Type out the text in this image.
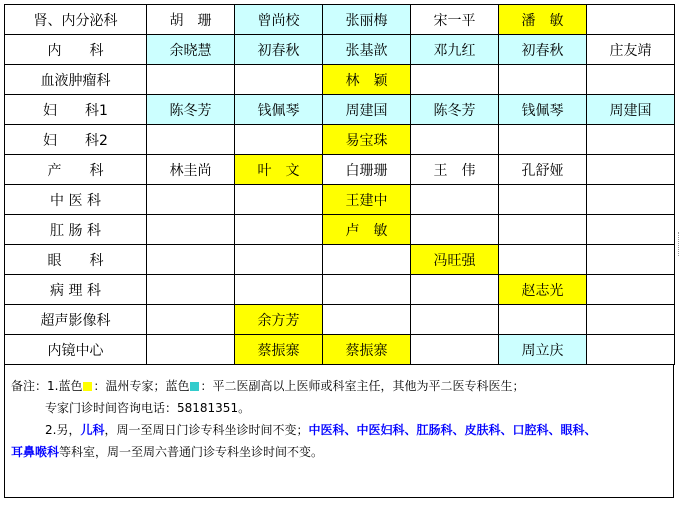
肾、内分泌科	胡　珊	曾尚校	张丽梅	宋一平	潘　敏	
内　　科	余晓慧	初春秋	张基歆	邓九红	初春秋	庄友靖
血液肿瘤科			林　颖			
妇　　科1	陈冬芳	钱佩琴	周建国	陈冬芳	钱佩琴	周建国
妇　　科2			易宝珠			
产　　科	林圭尚	叶　文	白珊珊	王　伟	孔舒娅	
中 医 科			王建中			
肛 肠 科			卢　敏			
眼　　科				冯旺强		
病 理 科					赵志光	
超声影像科		余方芳				
内镜中心		蔡振寨	蔡振寨		周立庆	
备注：1.蓝色 ：温州专家；蓝色 ：平二医副高以上医师或科室主任，其他为平二医专科医生；
专家门诊时间咨询电话：58181351。
2.另，儿科，周一至周日门诊专科坐诊时间不变；中医科、中医妇科、肛肠科、皮肤科、口腔科、眼科、
耳鼻喉科等科室，周一至周六普通门诊专科坐诊时间不变。
